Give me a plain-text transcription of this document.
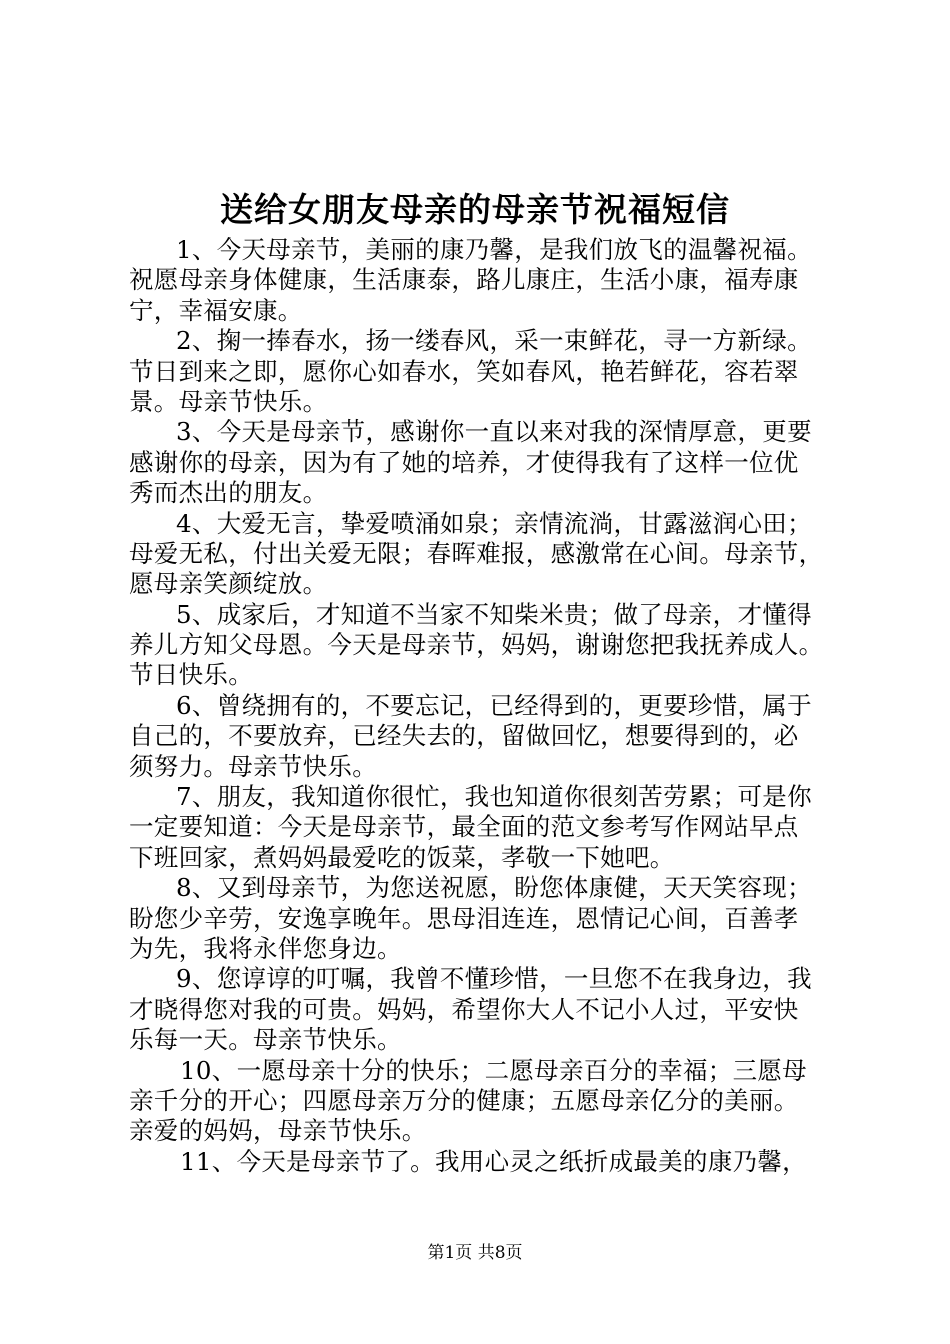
送给女朋友母亲的母亲节祝福短信

1、今天母亲节，美丽的康乃馨，是我们放飞的温馨祝福。
祝愿母亲身体健康，生活康泰，路儿康庄，生活小康，福寿康
宁，幸福安康。

2、掬一捧春水，扬一缕春风，采一束鲜花，寻一方新绿。
节日到来之即，愿你心如春水，笑如春风，艳若鲜花，容若翠
景。母亲节快乐。

3、今天是母亲节，感谢你一直以来对我的深情厚意，更要
感谢你的母亲，因为有了她的培养，才使得我有了这样一位优
秀而杰出的朋友。

4、大爱无言，挚爱喷涌如泉；亲情流淌，甘露滋润心田；
母爱无私，付出关爱无限；春晖难报，感激常在心间。母亲节，
愿母亲笑颜绽放。

5、成家后，才知道不当家不知柴米贵；做了母亲，才懂得
养儿方知父母恩。今天是母亲节，妈妈，谢谢您把我抚养成人。
节日快乐。

6、曾绕拥有的，不要忘记，已经得到的，更要珍惜，属于
自己的，不要放弃，已经失去的，留做回忆，想要得到的，必
须努力。母亲节快乐。

7、朋友，我知道你很忙，我也知道你很刻苦劳累；可是你
一定要知道：今天是母亲节，最全面的范文参考写作网站早点
下班回家，煮妈妈最爱吃的饭菜，孝敬一下她吧。

8、又到母亲节，为您送祝愿，盼您体康健，天天笑容现；
盼您少辛劳，安逸享晚年。思母泪连连，恩情记心间，百善孝
为先，我将永伴您身边。

9、您谆谆的叮嘱，我曾不懂珍惜，一旦您不在我身边，我
才晓得您对我的可贵。妈妈，希望你大人不记小人过，平安快
乐每一天。母亲节快乐。

10、一愿母亲十分的快乐；二愿母亲百分的幸福；三愿母
亲千分的开心；四愿母亲万分的健康；五愿母亲亿分的美丽。
亲爱的妈妈，母亲节快乐。

11、今天是母亲节了。我用心灵之纸折成最美的康乃馨，

第1页 共8页
